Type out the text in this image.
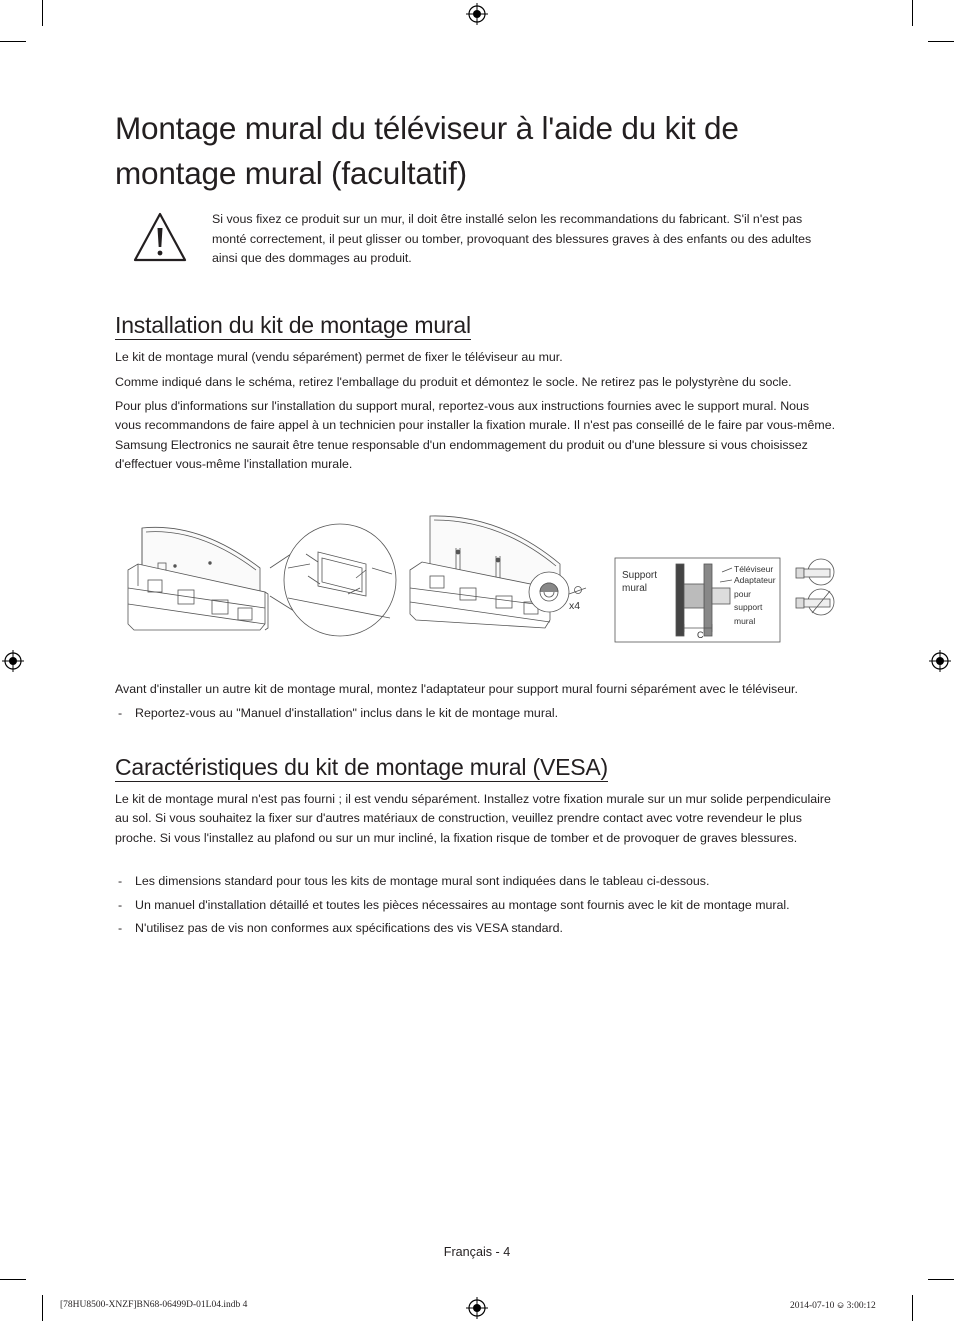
Montage mural du téléviseur à l'aide du kit de montage mural (facultatif)

Si vous fixez ce produit sur un mur, il doit être installé selon les recommandations du fabricant. S'il n'est pas monté correctement, il peut glisser ou tomber, provoquant des blessures graves à des enfants ou des adultes ainsi que des dommages au produit.

Installation du kit de montage mural

Le kit de montage mural (vendu séparément) permet de fixer le téléviseur au mur.

Comme indiqué dans le schéma, retirez l'emballage du produit et démontez le socle. Ne retirez pas le polystyrène du socle.

Pour plus d'informations sur l'installation du support mural, reportez-vous aux instructions fournies avec le support mural. Nous vous recommandons de faire appel à un technicien pour installer la fixation murale. Il n'est pas conseillé de le faire par vous-même. Samsung Electronics ne saurait être tenue responsable d'un endommagement du produit ou d'une blessure si vous choisissez d'effectuer vous-même l'installation murale.

x4
Support
mural
Téléviseur
Adaptateur
pour
support
mural
C

Avant d'installer un autre kit de montage mural, montez l'adaptateur pour support mural fourni séparément avec le téléviseur.

- Reportez-vous au "Manuel d'installation" inclus dans le kit de montage mural.
Caractéristiques du kit de montage mural (VESA)

Le kit de montage mural n'est pas fourni ; il est vendu séparément. Installez votre fixation murale sur un mur solide perpendiculaire au sol. Si vous souhaitez la fixer sur d'autres matériaux de construction, veuillez prendre contact avec votre revendeur le plus proche. Si vous l'installez au plafond ou sur un mur incliné, la fixation risque de tomber et de provoquer de graves blessures.

- Les dimensions standard pour tous les kits de montage mural sont indiquées dans le tableau ci-dessous.
- Un manuel d'installation détaillé et toutes les pièces nécessaires au montage sont fournis avec le kit de montage mural.
- N'utilisez pas de vis non conformes aux spécifications des vis VESA standard.
Français - 4
[78HU8500-XNZF]BN68-06499D-01L04.indb 4	2014-07-10 ⎉ 3:00:12
